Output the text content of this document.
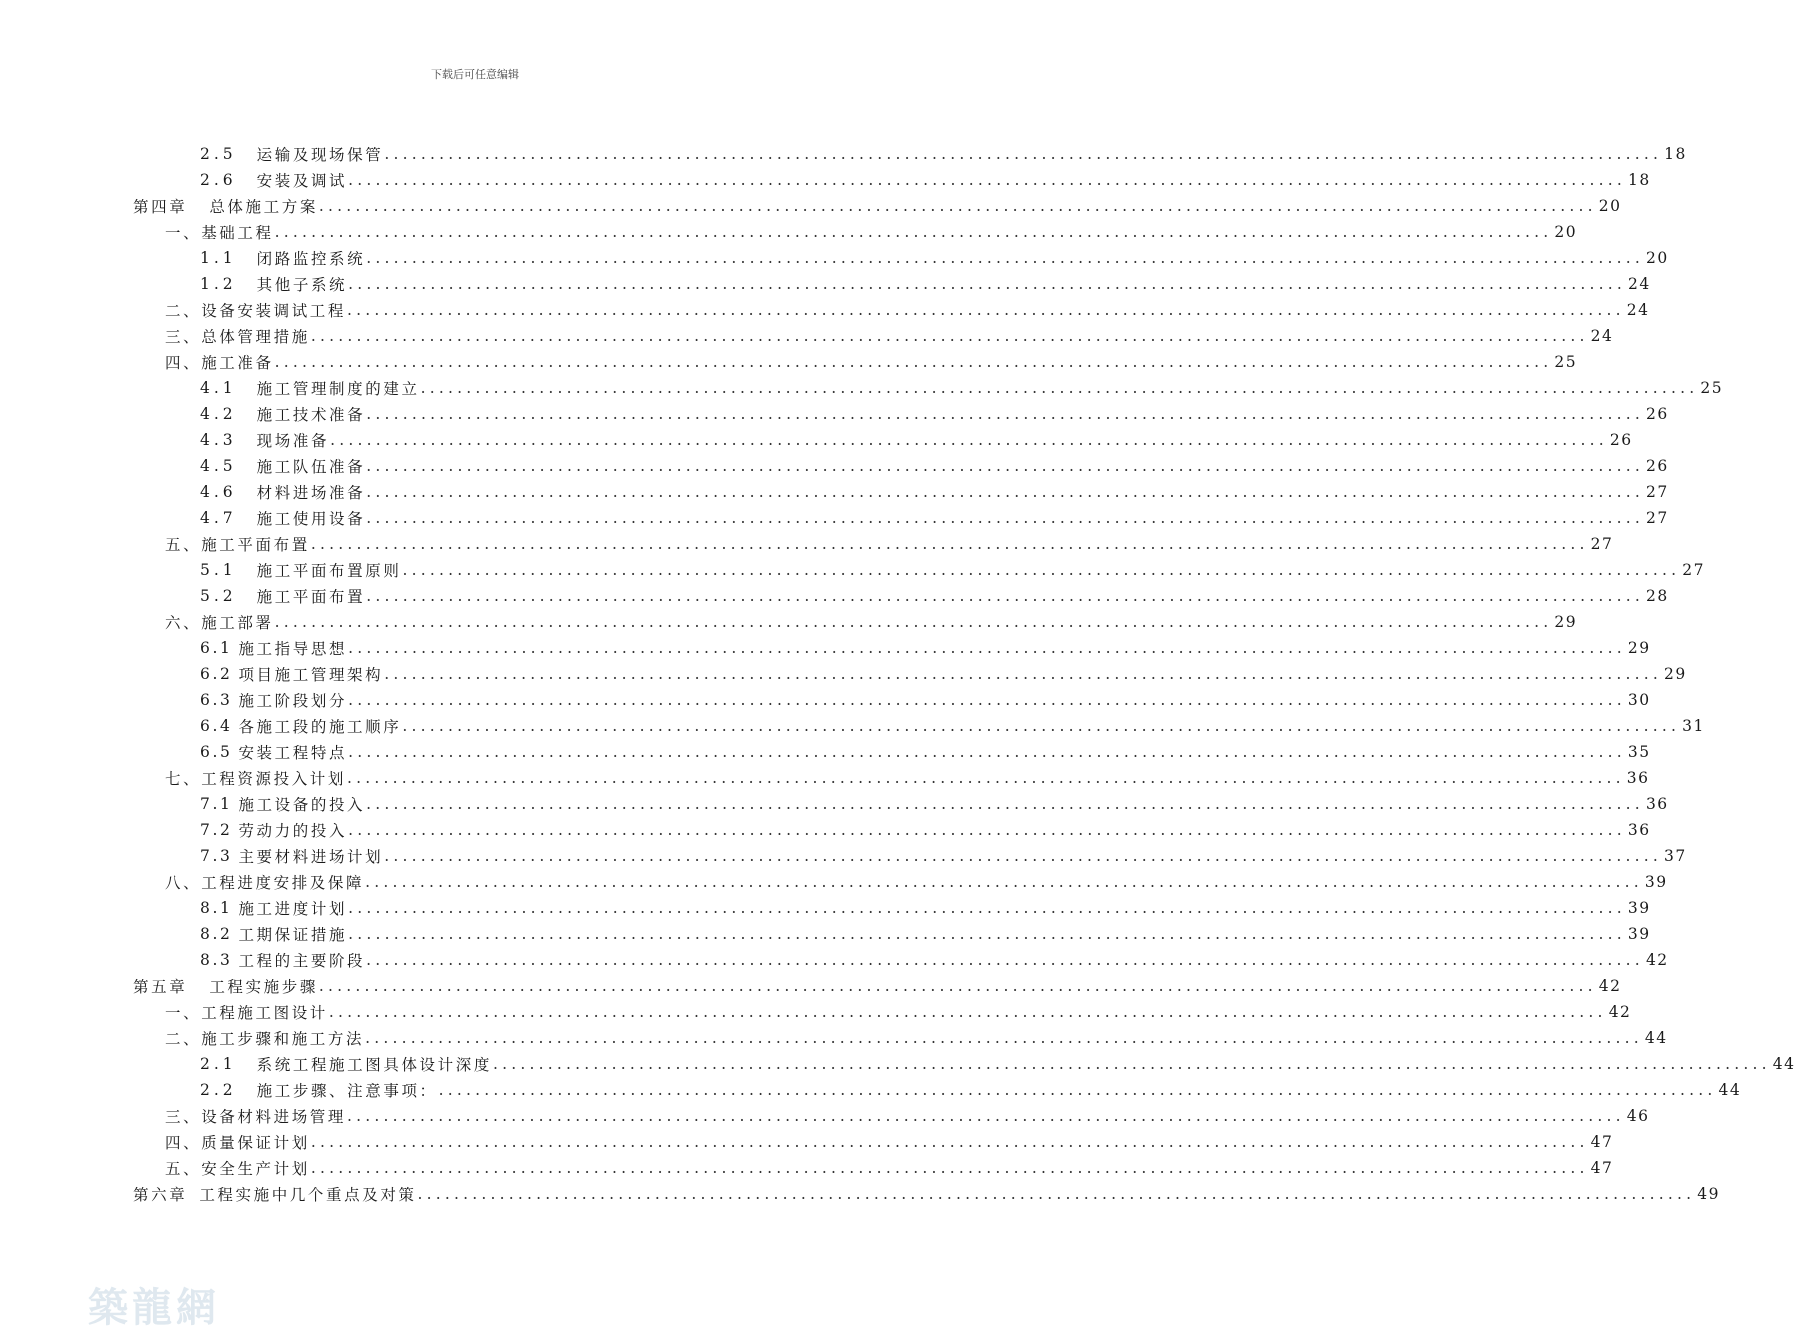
下载后可任意编辑
2.5 运输及现场保管 ............................................................................................................................................ 18
2.6 安装及调试 ............................................................................................................................................ 18
第四章 总体施工方案 ............................................................................................................................................ 20
一、基础工程 ............................................................................................................................................ 20
1.1 闭路监控系统 ............................................................................................................................................ 20
1.2 其他子系统 ............................................................................................................................................ 24
二、设备安装调试工程 ............................................................................................................................................ 24
三、总体管理措施 ............................................................................................................................................ 24
四、施工准备 ............................................................................................................................................ 25
4.1 施工管理制度的建立 ............................................................................................................................................ 25
4.2 施工技术准备 ............................................................................................................................................ 26
4.3 现场准备 ............................................................................................................................................ 26
4.5 施工队伍准备 ............................................................................................................................................ 26
4.6 材料进场准备 ............................................................................................................................................ 27
4.7 施工使用设备 ............................................................................................................................................ 27
五、施工平面布置 ............................................................................................................................................ 27
5.1 施工平面布置原则 ............................................................................................................................................ 27
5.2 施工平面布置 ............................................................................................................................................ 28
六、施工部署 ............................................................................................................................................ 29
6.1 施工指导思想 ............................................................................................................................................ 29
6.2 项目施工管理架构 ............................................................................................................................................ 29
6.3 施工阶段划分 ............................................................................................................................................ 30
6.4 各施工段的施工顺序 ............................................................................................................................................ 31
6.5 安装工程特点 ............................................................................................................................................ 35
七、工程资源投入计划 ............................................................................................................................................ 36
7.1 施工设备的投入 ............................................................................................................................................ 36
7.2 劳动力的投入 ............................................................................................................................................ 36
7.3 主要材料进场计划 ............................................................................................................................................ 37
八、工程进度安排及保障 ............................................................................................................................................ 39
8.1 施工进度计划 ............................................................................................................................................ 39
8.2 工期保证措施 ............................................................................................................................................ 39
8.3 工程的主要阶段 ............................................................................................................................................ 42
第五章 工程实施步骤 ............................................................................................................................................ 42
一、工程施工图设计 ............................................................................................................................................ 42
二、施工步骤和施工方法 ............................................................................................................................................ 44
2.1 系统工程施工图具体设计深度 ............................................................................................................................................ 44
2.2 施工步骤、注意事项： ............................................................................................................................................ 44
三、设备材料进场管理 ............................................................................................................................................ 46
四、质量保证计划 ............................................................................................................................................ 47
五、安全生产计划 ............................................................................................................................................ 47
第六章 工程实施中几个重点及对策 ............................................................................................................................................ 49
築龍網
